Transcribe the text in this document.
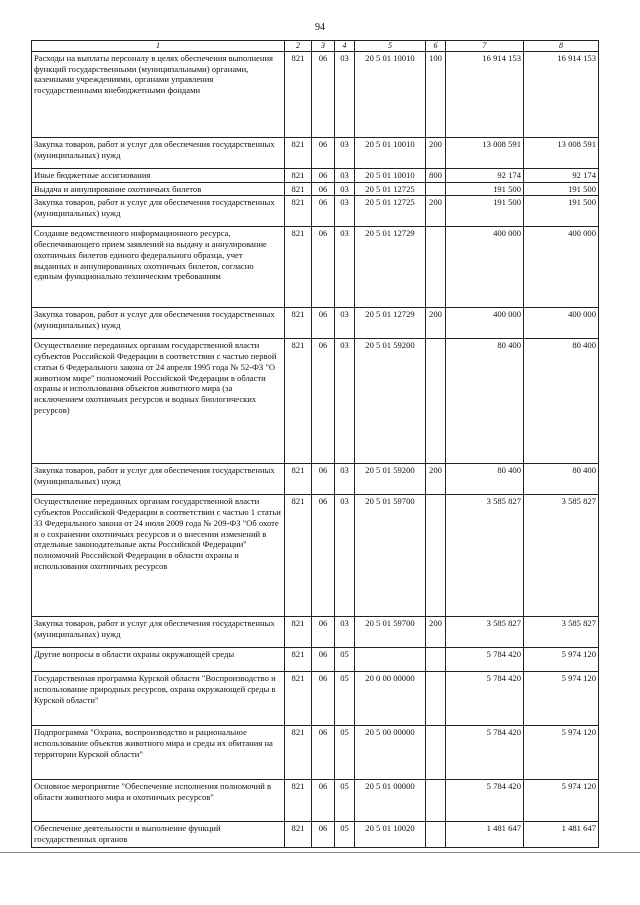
94
1	2	3	4	5	6	7	8
Расходы на выплаты персоналу в целях обеспечения выполнения функций государственными (муниципальными) органами, казенными учреждениями, органами управления государственными внебюджетными фондами	821	06	03	20 5 01 10010	100	16 914 153	16 914 153
Закупка товаров, работ и услуг для обеспечения государственных (муниципальных) нужд	821	06	03	20 5 01 10010	200	13 008 591	13 008 591
Иные бюджетные ассигнования	821	06	03	20 5 01 10010	800	92 174	92 174
Выдача и аннулирование охотничьих билетов	821	06	03	20 5 01 12725		191 500	191 500
Закупка товаров, работ и услуг для обеспечения государственных (муниципальных) нужд	821	06	03	20 5 01 12725	200	191 500	191 500
Создание ведомственного информационного ресурса, обеспечивающего прием заявлений на выдачу и аннулирование охотничьих билетов единого федерального образца, учет выданных и аннулированных охотничьих билетов, согласно единым функционально техническим требованиям	821	06	03	20 5 01 12729		400 000	400 000
Закупка товаров, работ и услуг для обеспечения государственных (муниципальных) нужд	821	06	03	20 5 01 12729	200	400 000	400 000
Осуществление переданных органам государственной власти субъектов Российской Федерации в соответствии с частью первой статьи 6 Федерального закона от 24 апреля 1995 года № 52-ФЗ "О животном мире" полномочий Российской Федерации в области охраны и использования объектов животного мира (за исключением охотничьих ресурсов и водных биологических ресурсов)	821	06	03	20 5 01 59200		80 400	80 400
Закупка товаров, работ и услуг для обеспечения государственных (муниципальных) нужд	821	06	03	20 5 01 59200	200	80 400	80 400
Осуществление переданных органам государственной власти субъектов Российской Федерации в соответствии с частью 1 статьи 33 Федерального закона от 24 июля 2009 года № 209-ФЗ "Об охоте и о сохранении охотничьих ресурсов и о внесении изменений в отдельные законодательные акты Российской Федерации" полномочий Российской Федерации в области охраны и использования охотничьих ресурсов	821	06	03	20 5 01 59700		3 585 827	3 585 827
Закупка товаров, работ и услуг для обеспечения государственных (муниципальных) нужд	821	06	03	20 5 01 59700	200	3 585 827	3 585 827
Другие вопросы в области охраны окружающей среды	821	06	05			5 784 420	5 974 120
Государственная программа Курской области "Воспроизводство и использование природных ресурсов, охрана окружающей среды в Курской области"	821	06	05	20 0 00 00000		5 784 420	5 974 120
Подпрограмма "Охрана, воспроизводство и рациональное использование объектов животного мира и среды их обитания на территории Курской области"	821	06	05	20 5 00 00000		5 784 420	5 974 120
Основное мероприятие "Обеспечение исполнения полномочий в области животного мира и охотничьих ресурсов"	821	06	05	20 5 01 00000		5 784 420	5 974 120
Обеспечение деятельности и выполнение функций государственных органов	821	06	05	20 5 01 10020		1 481 647	1 481 647
